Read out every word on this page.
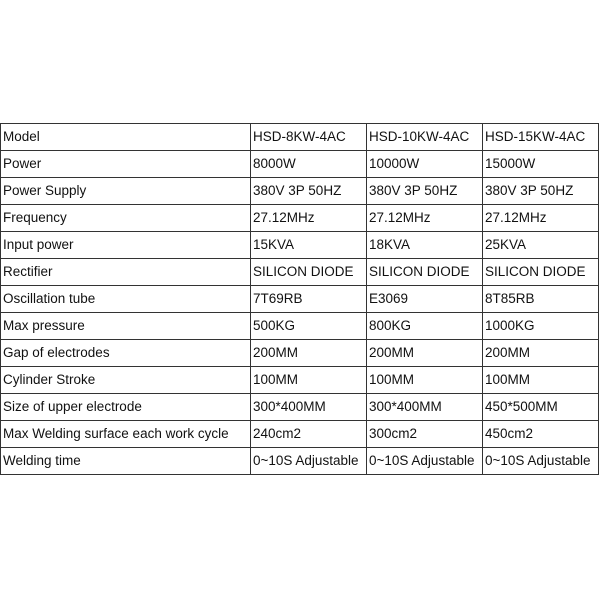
Model	HSD-8KW-4AC	HSD-10KW-4AC	HSD-15KW-4AC
Power	8000W	10000W	15000W
Power Supply	380V 3P 50HZ	380V 3P 50HZ	380V 3P 50HZ
Frequency	27.12MHz	27.12MHz	27.12MHz
Input power	15KVA	18KVA	25KVA
Rectifier	SILICON DIODE	SILICON DIODE	SILICON DIODE
Oscillation tube	7T69RB	E3069	8T85RB
Max pressure	500KG	800KG	1000KG
Gap of electrodes	200MM	200MM	200MM
Cylinder Stroke	100MM	100MM	100MM
Size of upper electrode	300*400MM	300*400MM	450*500MM
Max Welding surface each work cycle	240cm2	300cm2	450cm2
Welding time	0~10S Adjustable	0~10S Adjustable	0~10S Adjustable
